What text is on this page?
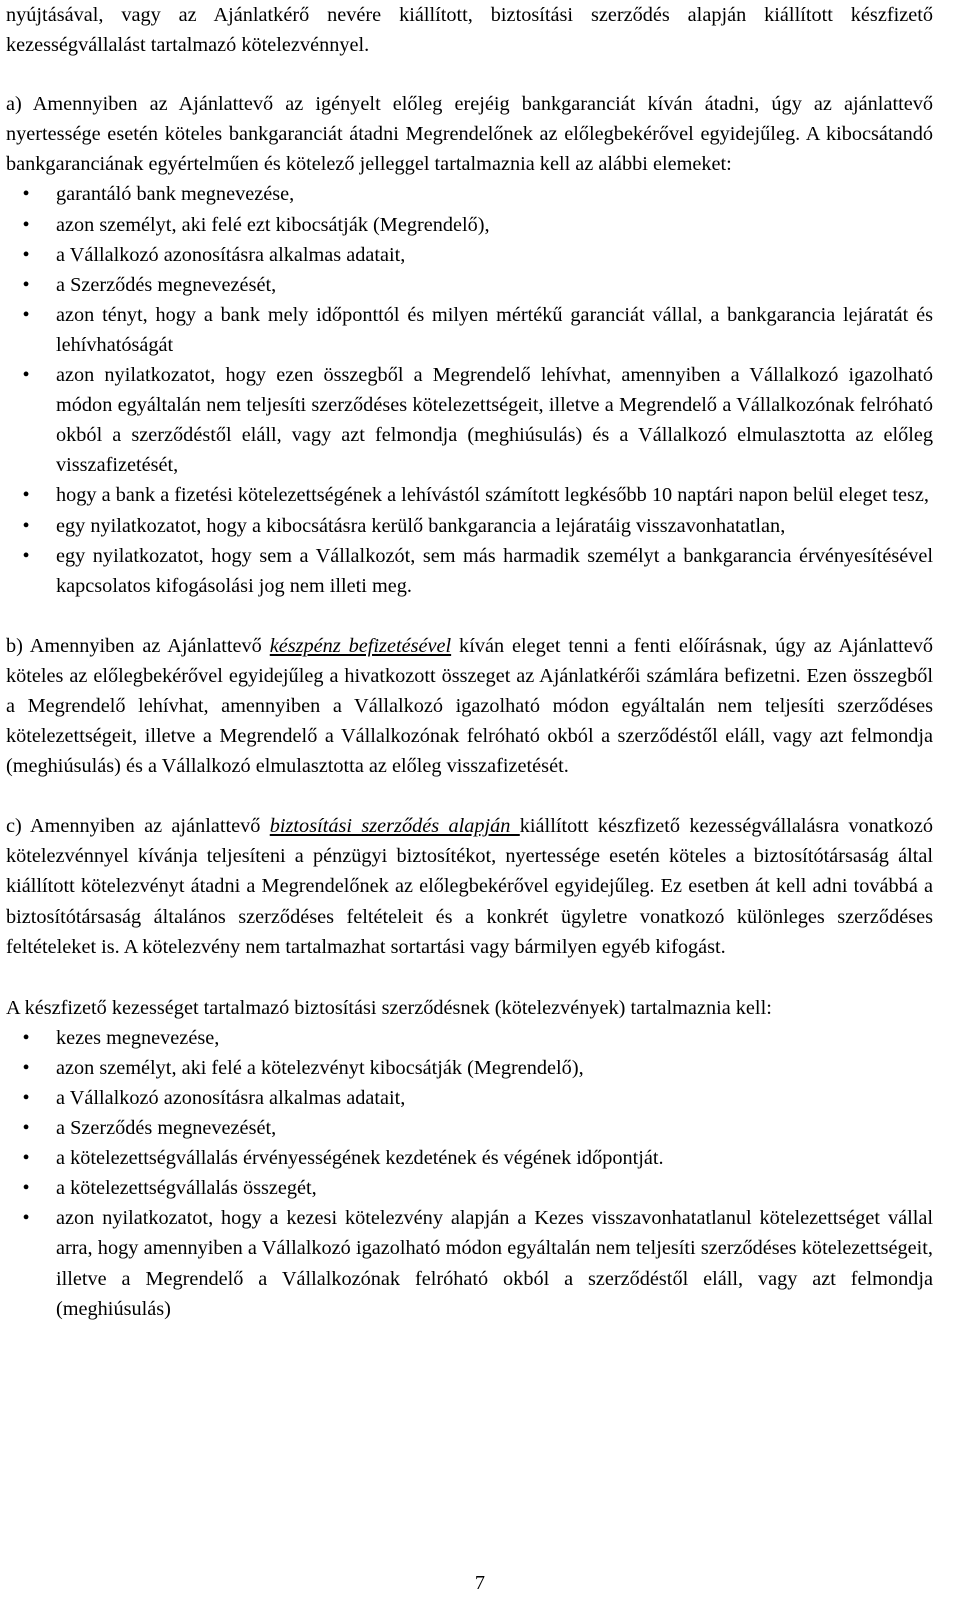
nyújtásával, vagy az Ajánlatkérő nevére kiállított, biztosítási szerződés alapján kiállított készfizető kezességvállalást tartalmazó kötelezvénnyel.

a) Amennyiben az Ajánlattevő az igényelt előleg erejéig bankgaranciát kíván átadni, úgy az ajánlattevő nyertessége esetén köteles bankgaranciát átadni Megrendelőnek az előlegbekérővel egyidejűleg. A kibocsátandó bankgaranciának egyértelműen és kötelező jelleggel tartalmaznia kell az alábbi elemeket:

• garantáló bank megnevezése,
• azon személyt, aki felé ezt kibocsátják (Megrendelő),
• a Vállalkozó azonosításra alkalmas adatait,
• a Szerződés megnevezését,
• azon tényt, hogy a bank mely időponttól és milyen mértékű garanciát vállal, a bankgarancia lejáratát és lehívhatóságát
• azon nyilatkozatot, hogy ezen összegből a Megrendelő lehívhat, amennyiben a Vállalkozó igazolható módon egyáltalán nem teljesíti szerződéses kötelezettségeit, illetve a Megrendelő a Vállalkozónak felróható okból a szerződéstől eláll, vagy azt felmondja (meghiúsulás) és a Vállalkozó elmulasztotta az előleg visszafizetését,
• hogy a bank a fizetési kötelezettségének a lehívástól számított legkésőbb 10 naptári napon belül eleget tesz,
• egy nyilatkozatot, hogy a kibocsátásra kerülő bankgarancia a lejáratáig visszavonhatatlan,
• egy nyilatkozatot, hogy sem a Vállalkozót, sem más harmadik személyt a bankgarancia érvényesítésével kapcsolatos kifogásolási jog nem illeti meg.

b) Amennyiben az Ajánlattevő készpénz befizetésével kíván eleget tenni a fenti előírásnak, úgy az Ajánlattevő köteles az előlegbekérővel egyidejűleg a hivatkozott összeget az Ajánlatkérői számlára befizetni. Ezen összegből a Megrendelő lehívhat, amennyiben a Vállalkozó igazolható módon egyáltalán nem teljesíti szerződéses kötelezettségeit, illetve a Megrendelő a Vállalkozónak felróható okból a szerződéstől eláll, vagy azt felmondja (meghiúsulás) és a Vállalkozó elmulasztotta az előleg visszafizetését.

c) Amennyiben az ajánlattevő biztosítási szerződés alapján kiállított készfizető kezességvállalásra vonatkozó kötelezvénnyel kívánja teljesíteni a pénzügyi biztosítékot, nyertessége esetén köteles a biztosítótársaság által kiállított kötelezvényt átadni a Megrendelőnek az előlegbekérővel egyidejűleg. Ez esetben át kell adni továbbá a biztosítótársaság általános szerződéses feltételeit és a konkrét ügyletre vonatkozó különleges szerződéses feltételeket is. A kötelezvény nem tartalmazhat sortartási vagy bármilyen egyéb kifogást.

A készfizető kezességet tartalmazó biztosítási szerződésnek (kötelezvények) tartalmaznia kell:

• kezes megnevezése,
• azon személyt, aki felé a kötelezvényt kibocsátják (Megrendelő),
• a Vállalkozó azonosításra alkalmas adatait,
• a Szerződés megnevezését,
• a kötelezettségvállalás érvényességének kezdetének és végének időpontját.
• a kötelezettségvállalás összegét,
• azon nyilatkozatot, hogy a kezesi kötelezvény alapján a Kezes visszavonhatatlanul kötelezettséget vállal arra, hogy amennyiben a Vállalkozó igazolható módon egyáltalán nem teljesíti szerződéses kötelezettségeit, illetve a Megrendelő a Vállalkozónak felróható okból a szerződéstől eláll, vagy azt felmondja (meghiúsulás)
7
